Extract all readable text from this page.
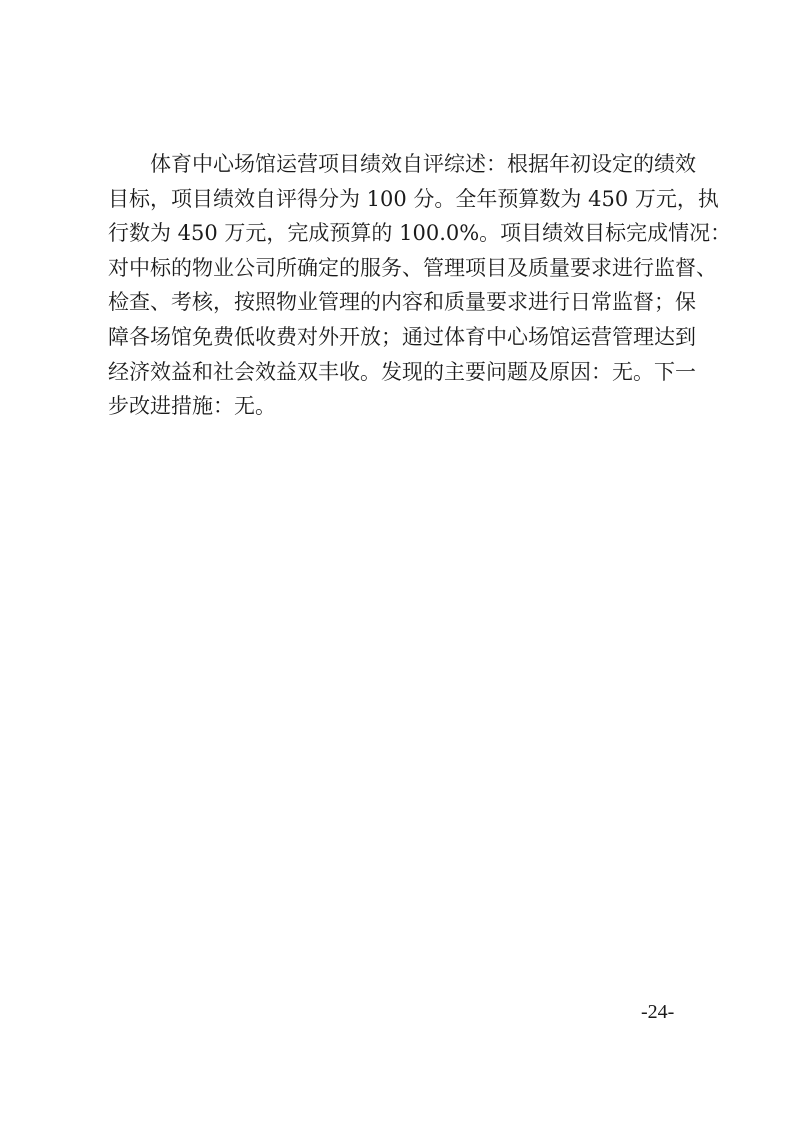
　　体育中心场馆运营项目绩效自评综述：根据年初设定的绩效
目标，项目绩效自评得分为 100 分。全年预算数为 450 万元，执
行数为 450 万元，完成预算的 100.0%。项目绩效目标完成情况：
对中标的物业公司所确定的服务、管理项目及质量要求进行监督、
检查、考核，按照物业管理的内容和质量要求进行日常监督；保
障各场馆免费低收费对外开放；通过体育中心场馆运营管理达到
经济效益和社会效益双丰收。发现的主要问题及原因：无。下一
步改进措施：无。
-24-
